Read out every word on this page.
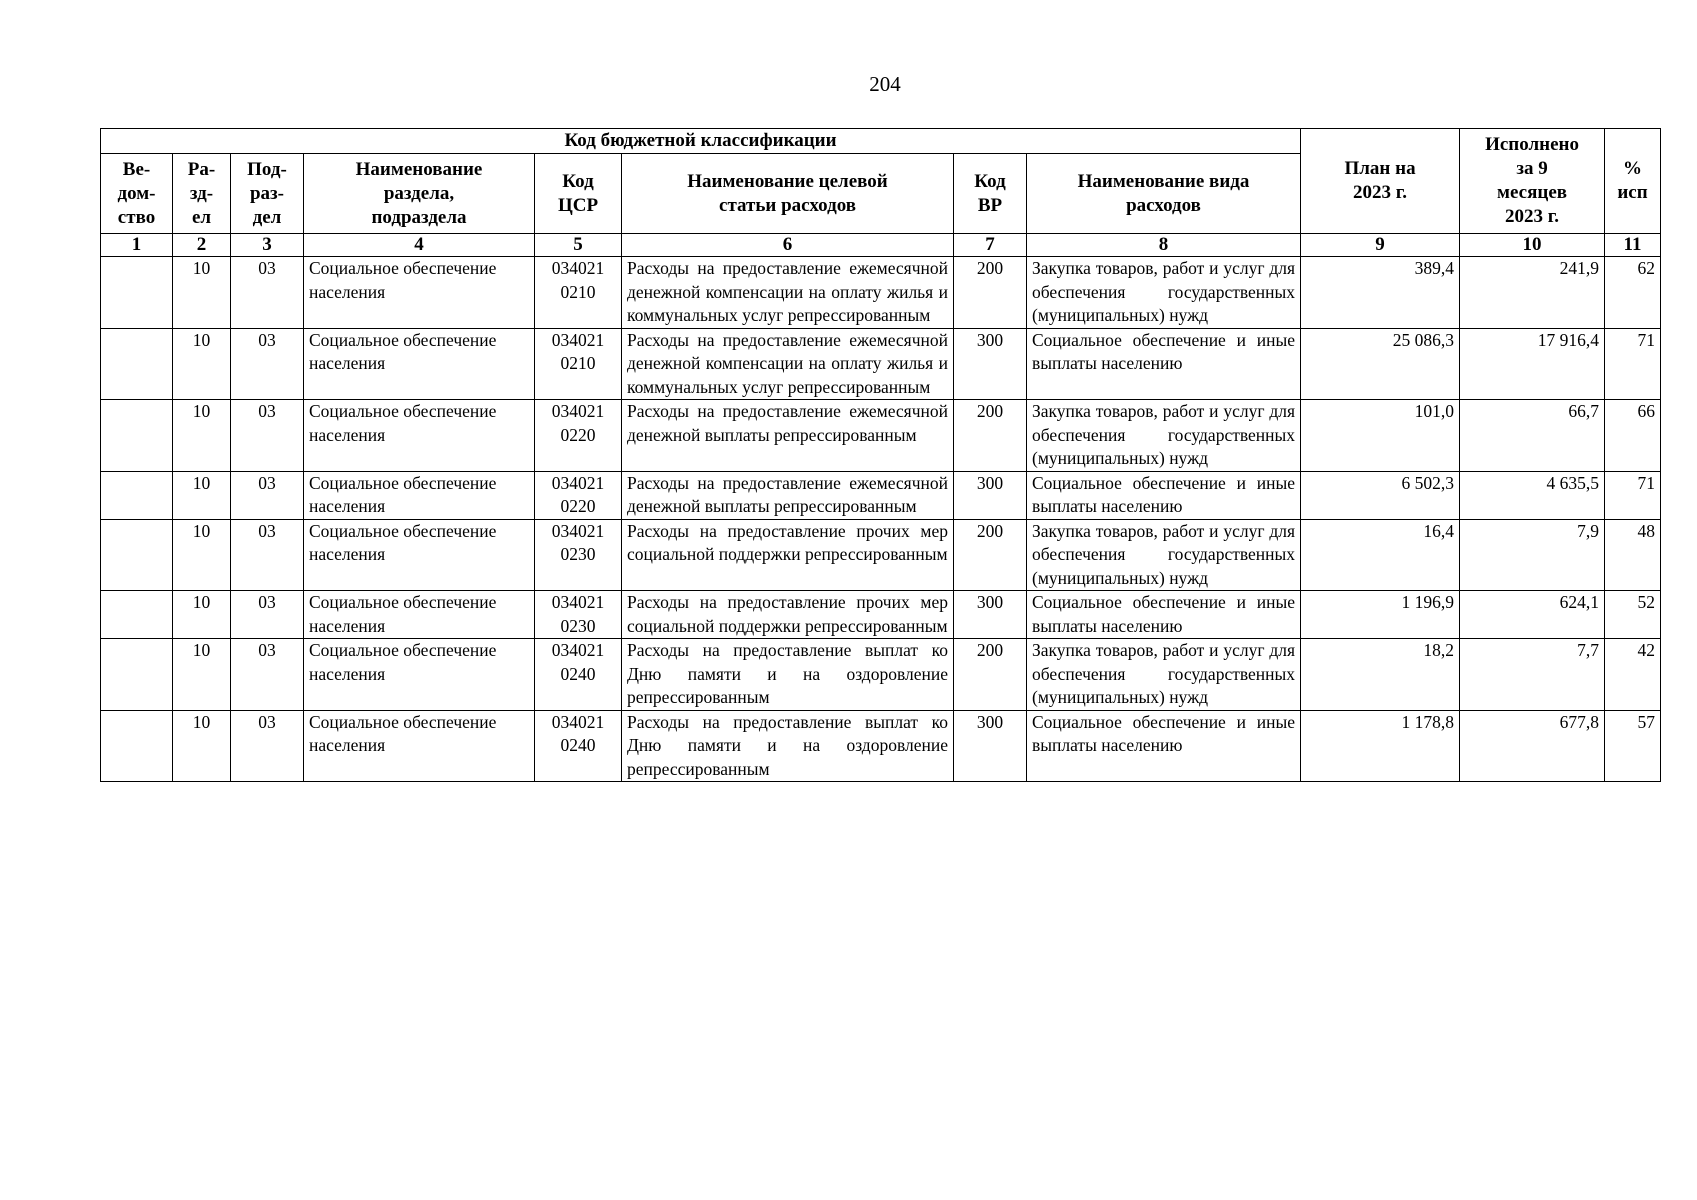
204
Код бюджетной классификации								План на
2023 г.	Исполнено
за 9
месяцев
2023 г.	%
исп
Ве-
дом-
ство	Ра-
зд-
ел	Под-
раз-
дел	Наименование
раздела,
подраздела	Код
ЦСР	Наименование целевой
статьи расходов	Код
ВР	Наименование вида
расходов			
1	2	3	4	5	6	7	8	9	10	11
	10	03	Социальное обеспечение населения	034021
0210	Расходы на предоставление ежемесячной денежной компенсации на оплату жилья и коммунальных услуг репрессированным	200	Закупка товаров, работ и услуг для обеспечения государственных (муниципальных) нужд	389,4	241,9	62
	10	03	Социальное обеспечение населения	034021
0210	Расходы на предоставление ежемесячной денежной компенсации на оплату жилья и коммунальных услуг репрессированным	300	Социальное обеспечение и иные выплаты населению	25 086,3	17 916,4	71
	10	03	Социальное обеспечение населения	034021
0220	Расходы на предоставление ежемесячной денежной выплаты репрессированным	200	Закупка товаров, работ и услуг для обеспечения государственных (муниципальных) нужд	101,0	66,7	66
	10	03	Социальное обеспечение населения	034021
0220	Расходы на предоставление ежемесячной денежной выплаты репрессированным	300	Социальное обеспечение и иные выплаты населению	6 502,3	4 635,5	71
	10	03	Социальное обеспечение населения	034021
0230	Расходы на предоставление прочих мер социальной поддержки репрессированным	200	Закупка товаров, работ и услуг для обеспечения государственных (муниципальных) нужд	16,4	7,9	48
	10	03	Социальное обеспечение населения	034021
0230	Расходы на предоставление прочих мер социальной поддержки репрессированным	300	Социальное обеспечение и иные выплаты населению	1 196,9	624,1	52
	10	03	Социальное обеспечение населения	034021
0240	Расходы на предоставление выплат ко Дню памяти и на оздоровление репрессированным	200	Закупка товаров, работ и услуг для обеспечения государственных (муниципальных) нужд	18,2	7,7	42
	10	03	Социальное обеспечение населения	034021
0240	Расходы на предоставление выплат ко Дню памяти и на оздоровление репрессированным	300	Социальное обеспечение и иные выплаты населению	1 178,8	677,8	57
